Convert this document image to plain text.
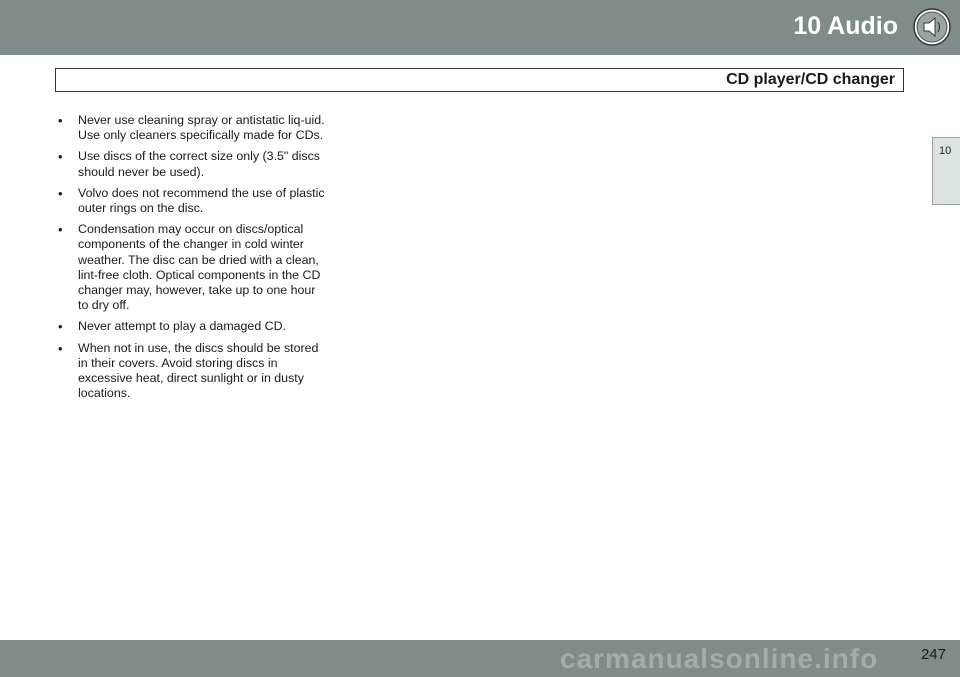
10 Audio
CD player/CD changer
10
• Never use cleaning spray or antistatic liq-uid. Use only cleaners specifically made for CDs.
• Use discs of the correct size only (3.5" discs should never be used).
• Volvo does not recommend the use of plastic outer rings on the disc.
• Condensation may occur on discs/optical components of the changer in cold winter weather. The disc can be dried with a clean, lint-free cloth. Optical components in the CD changer may, however, take up to one hour to dry off.
• Never attempt to play a damaged CD.
• When not in use, the discs should be stored in their covers. Avoid storing discs in excessive heat, direct sunlight or in dusty locations.
247
carmanualsonline.info
